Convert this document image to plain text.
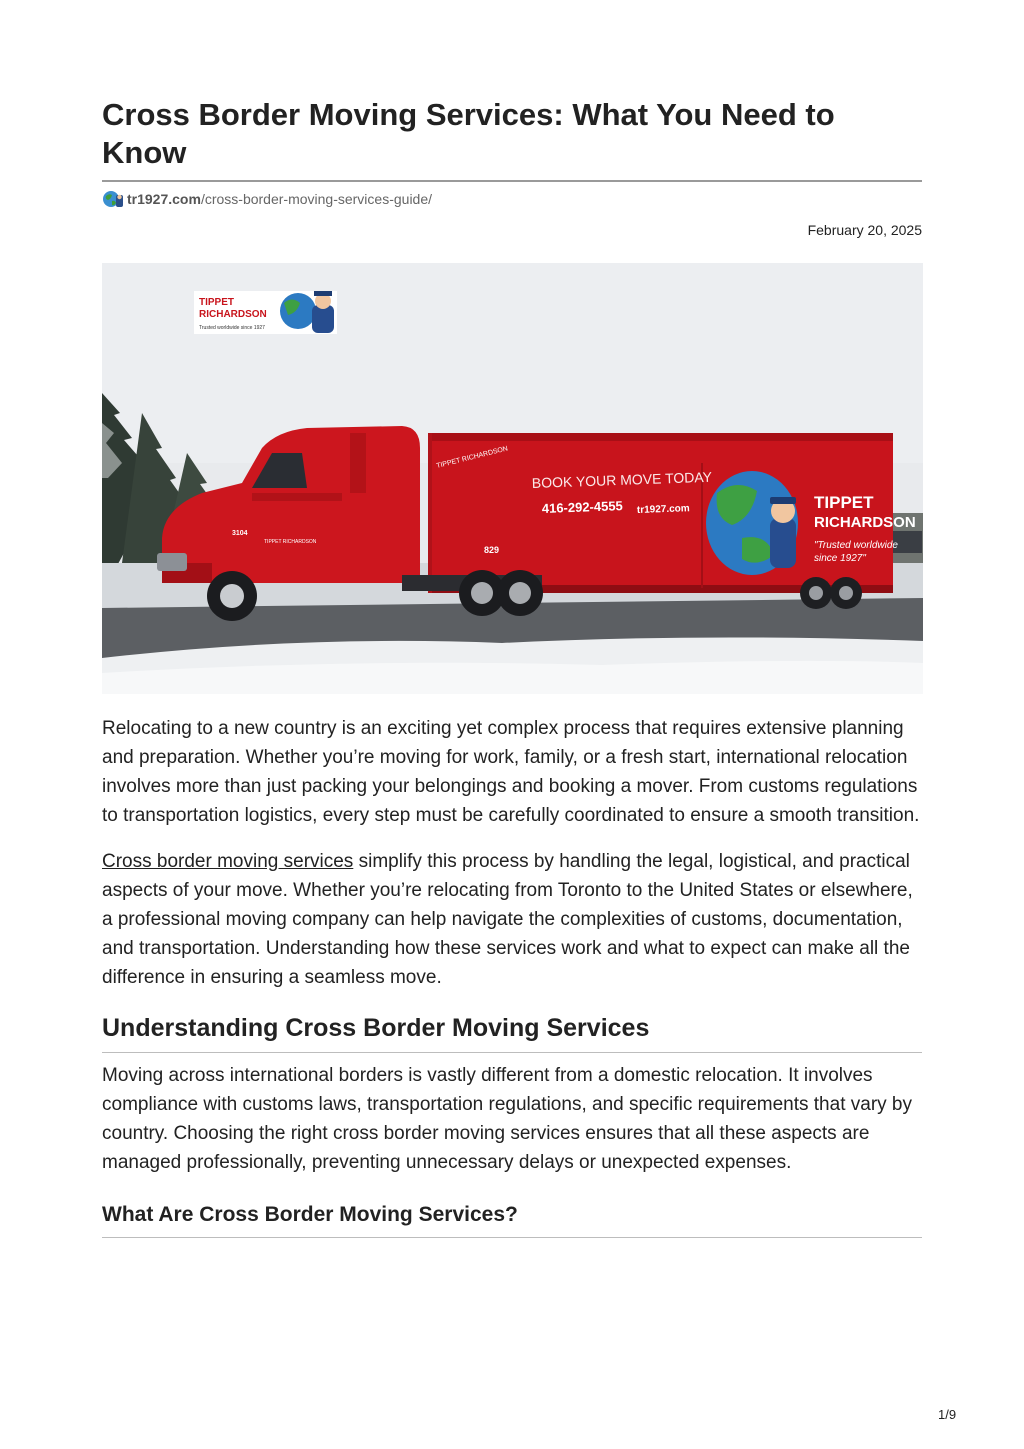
Cross Border Moving Services: What You Need to Know
tr1927.com /cross-border-moving-services-guide/
February 20, 2025
BOOK YOUR MOVE TODAY
416-292-4555 tr1927.com
TIPPET RICHARDSON
TIPPET
RICHARDSON
"Trusted worldwide
since 1927"
829
3104
TIPPET RICHARDSON
TIPPET
RICHARDSON
Trusted worldwide since 1927

Relocating to a new country is an exciting yet complex process that requires extensive planning and preparation. Whether you’re moving for work, family, or a fresh start, international relocation involves more than just packing your belongings and booking a mover. From customs regulations to transportation logistics, every step must be carefully coordinated to ensure a smooth transition.

Cross border moving services simplify this process by handling the legal, logistical, and practical aspects of your move. Whether you’re relocating from Toronto to the United States or elsewhere, a professional moving company can help navigate the complexities of customs, documentation, and transportation. Understanding how these services work and what to expect can make all the difference in ensuring a seamless move.

Understanding Cross Border Moving Services

Moving across international borders is vastly different from a domestic relocation. It involves compliance with customs laws, transportation regulations, and specific requirements that vary by country. Choosing the right cross border moving services ensures that all these aspects are managed professionally, preventing unnecessary delays or unexpected expenses.

What Are Cross Border Moving Services?
1/9
